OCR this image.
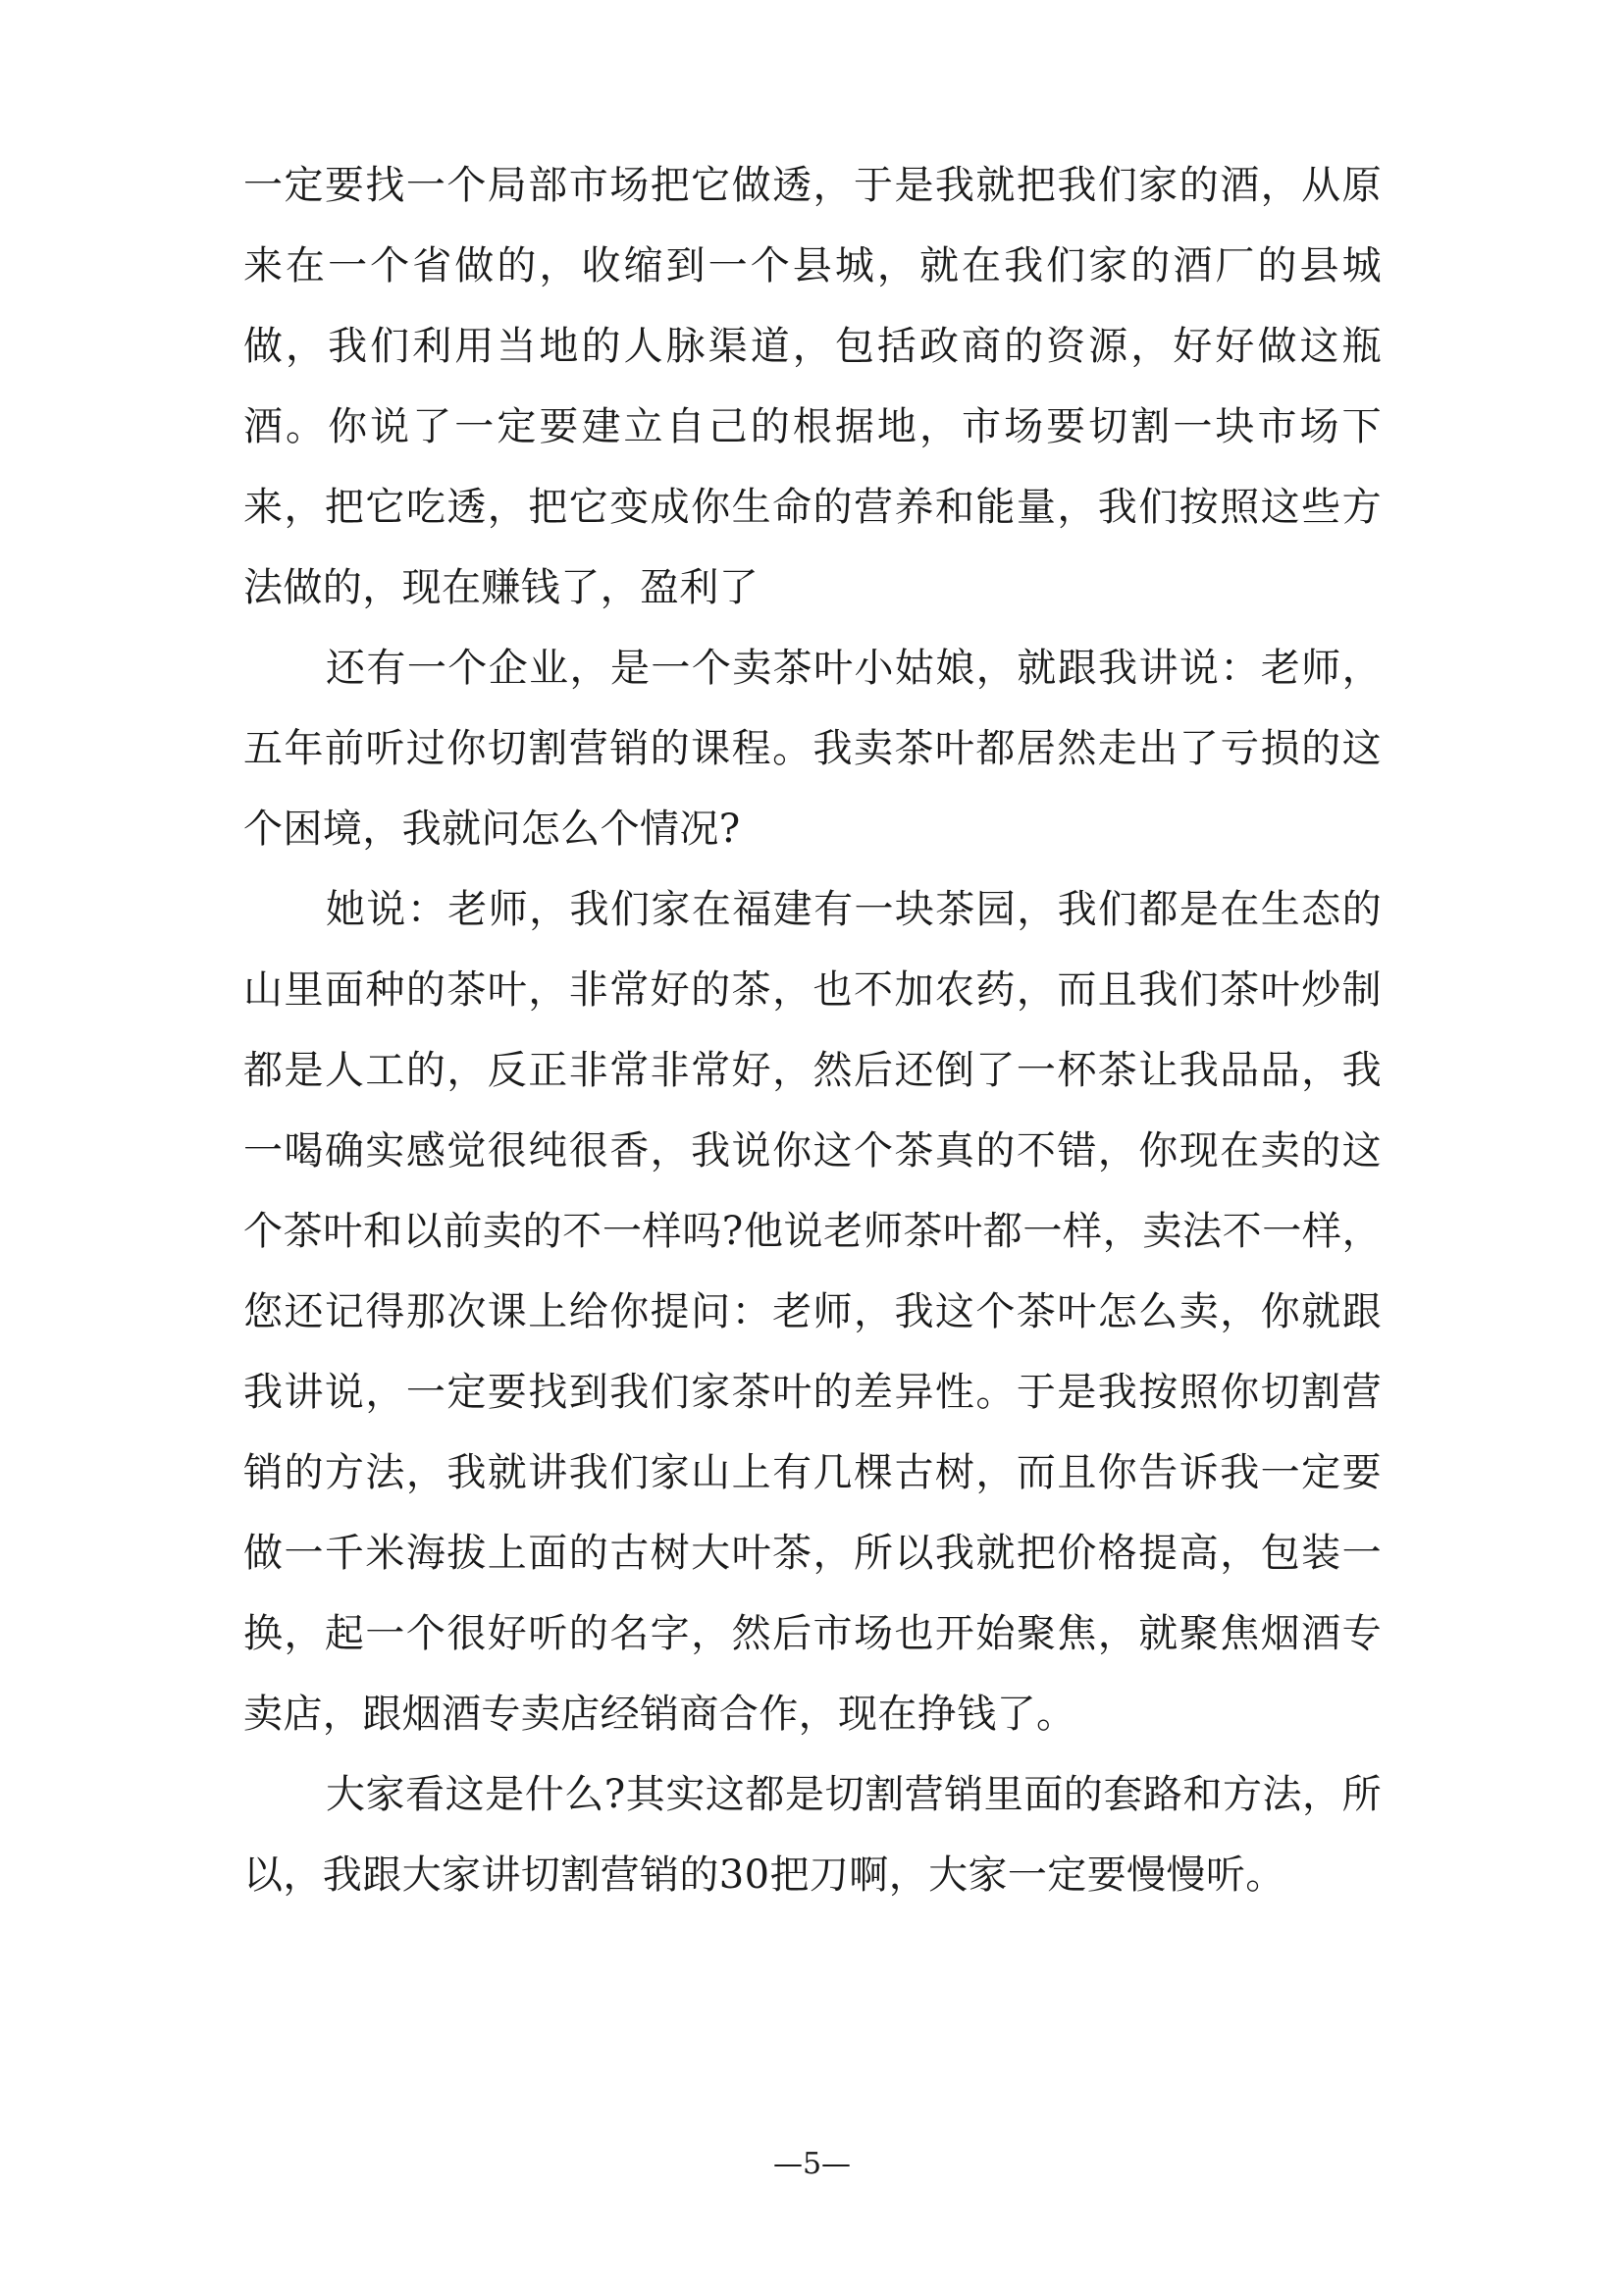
一定要找一个局部市场把它做透，于是我就把我们家的酒，从原来在一个省做的，收缩到一个县城，就在我们家的酒厂的县城做，我们利用当地的人脉渠道，包括政商的资源，好好做这瓶酒。你说了一定要建立自己的根据地，市场要切割一块市场下来，把它吃透，把它变成你生命的营养和能量，我们按照这些方法做的，现在赚钱了，盈利了

还有一个企业，是一个卖茶叶小姑娘，就跟我讲说：老师，五年前听过你切割营销的课程。我卖茶叶都居然走出了亏损的这个困境，我就问怎么个情况?

她说：老师，我们家在福建有一块茶园，我们都是在生态的山里面种的茶叶，非常好的茶，也不加农药，而且我们茶叶炒制都是人工的，反正非常非常好，然后还倒了一杯茶让我品品，我一喝确实感觉很纯很香，我说你这个茶真的不错，你现在卖的这个茶叶和以前卖的不一样吗?他说老师茶叶都一样，卖法不一样，您还记得那次课上给你提问：老师，我这个茶叶怎么卖，你就跟我讲说，一定要找到我们家茶叶的差异性。于是我按照你切割营销的方法，我就讲我们家山上有几棵古树，而且你告诉我一定要做一千米海拔上面的古树大叶茶，所以我就把价格提高，包装一换，起一个很好听的名字，然后市场也开始聚焦，就聚焦烟酒专卖店，跟烟酒专卖店经销商合作，现在挣钱了。

大家看这是什么?其实这都是切割营销里面的套路和方法，所以，我跟大家讲切割营销的30把刀啊，大家一定要慢慢听。

—5—
